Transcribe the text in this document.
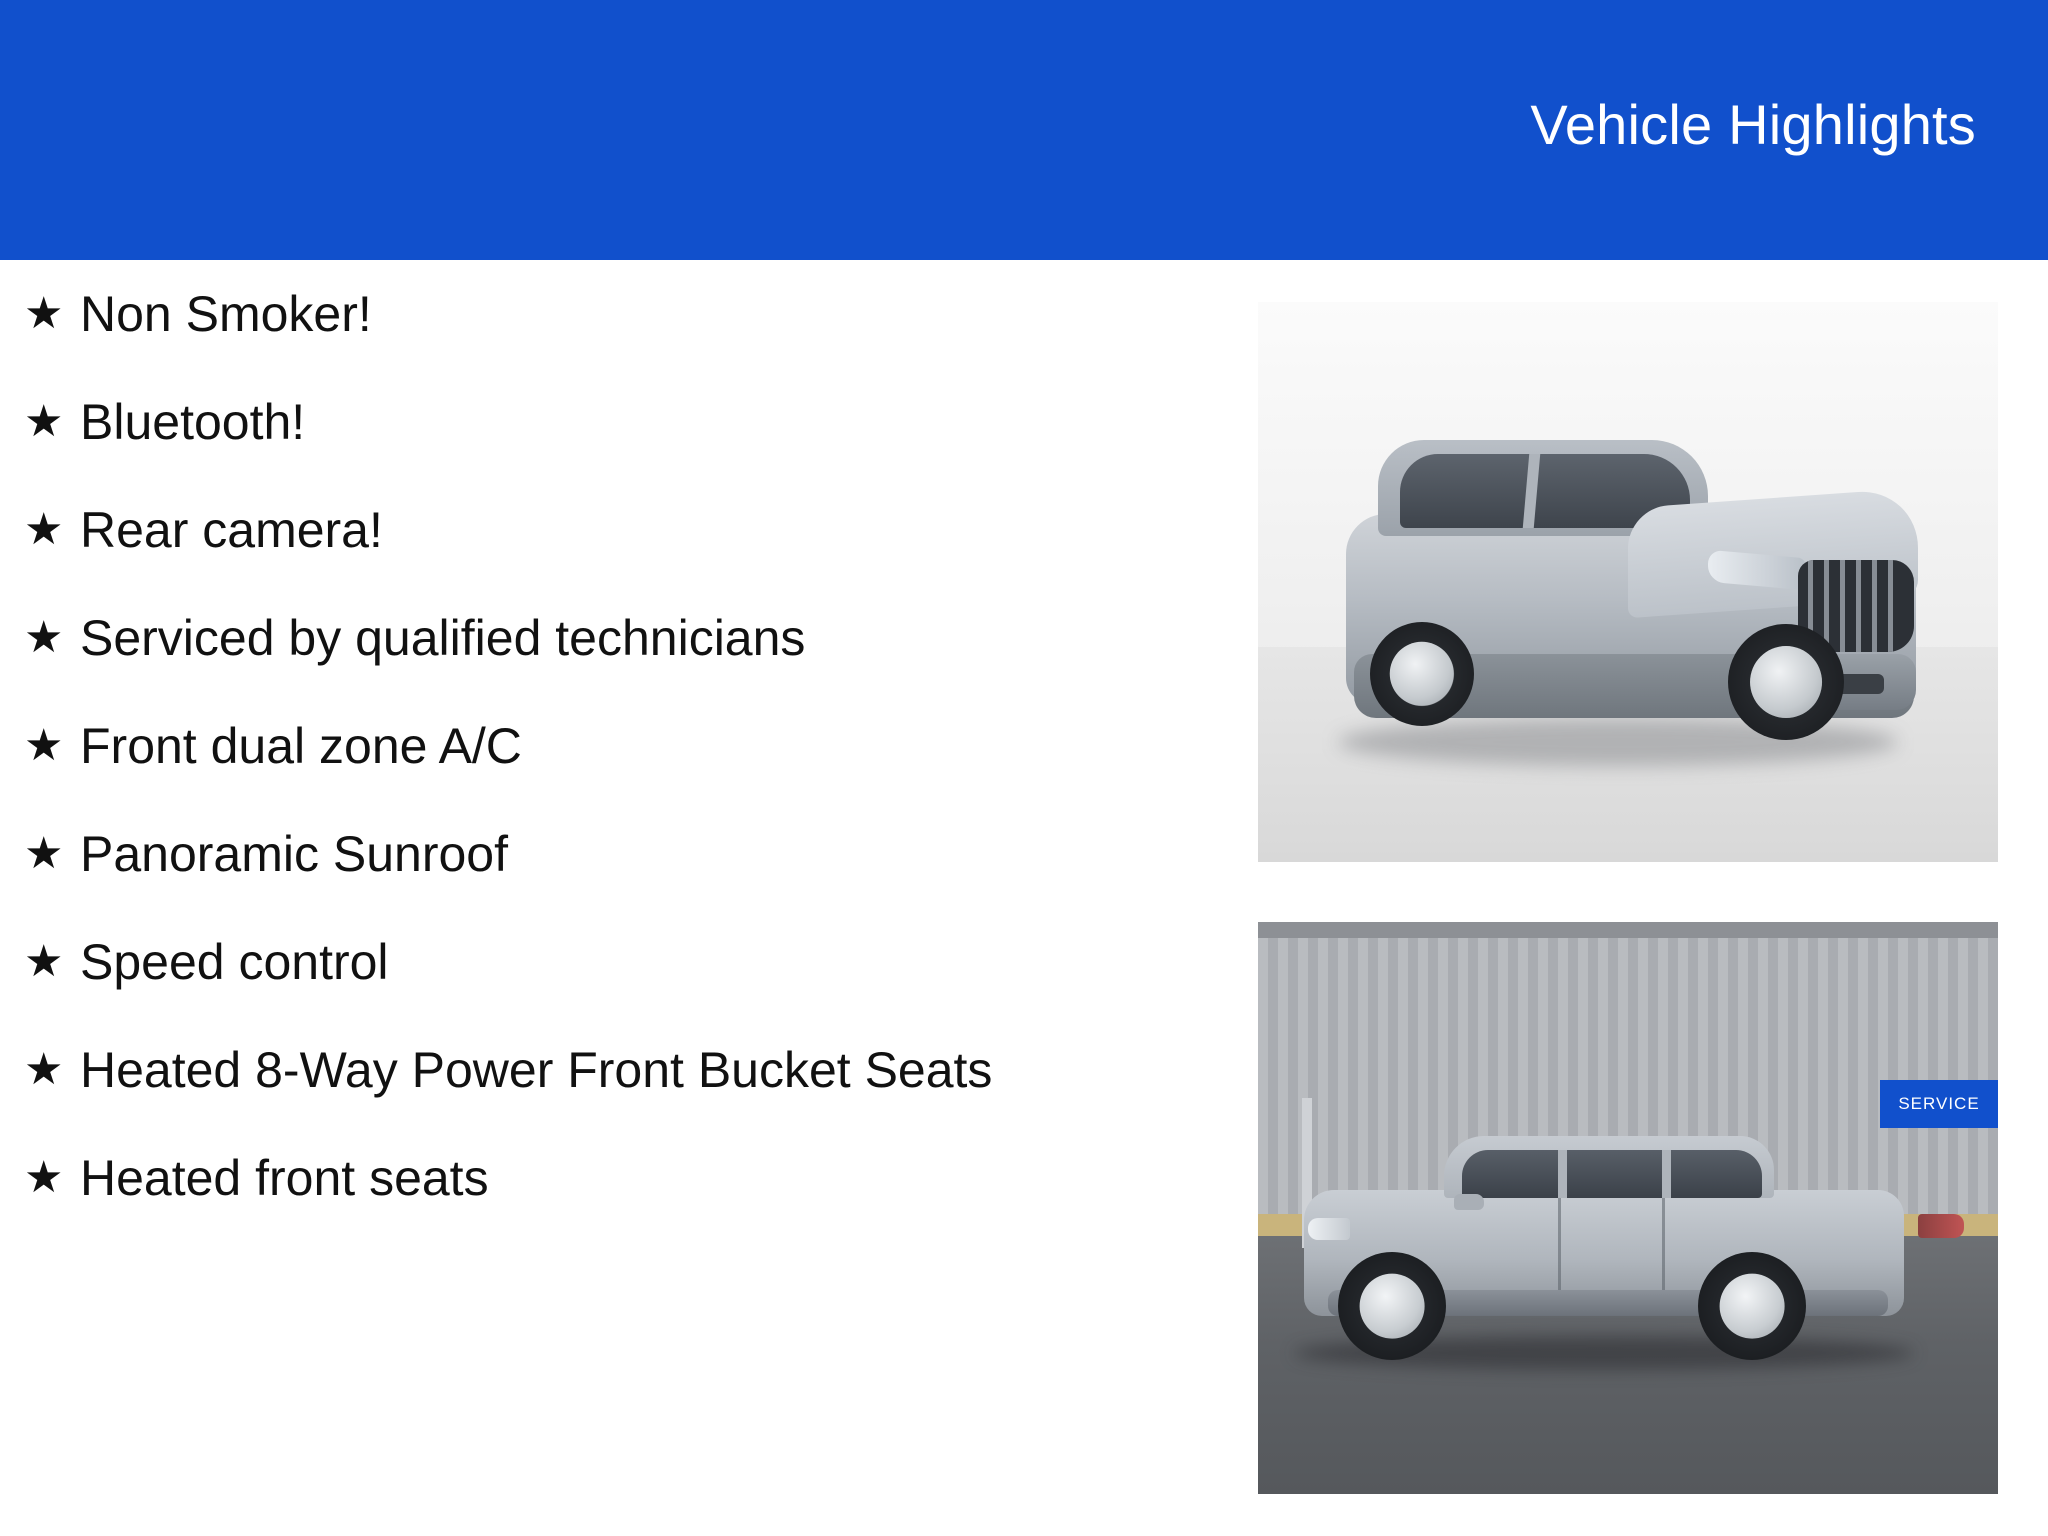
Vehicle Highlights
★ Non Smoker!
★ Bluetooth!
★ Rear camera!
★ Serviced by qualified technicians
★ Front dual zone A/C
★ Panoramic Sunroof
★ Speed control
★ Heated 8-Way Power Front Bucket Seats
★ Heated front seats
SERVICE
